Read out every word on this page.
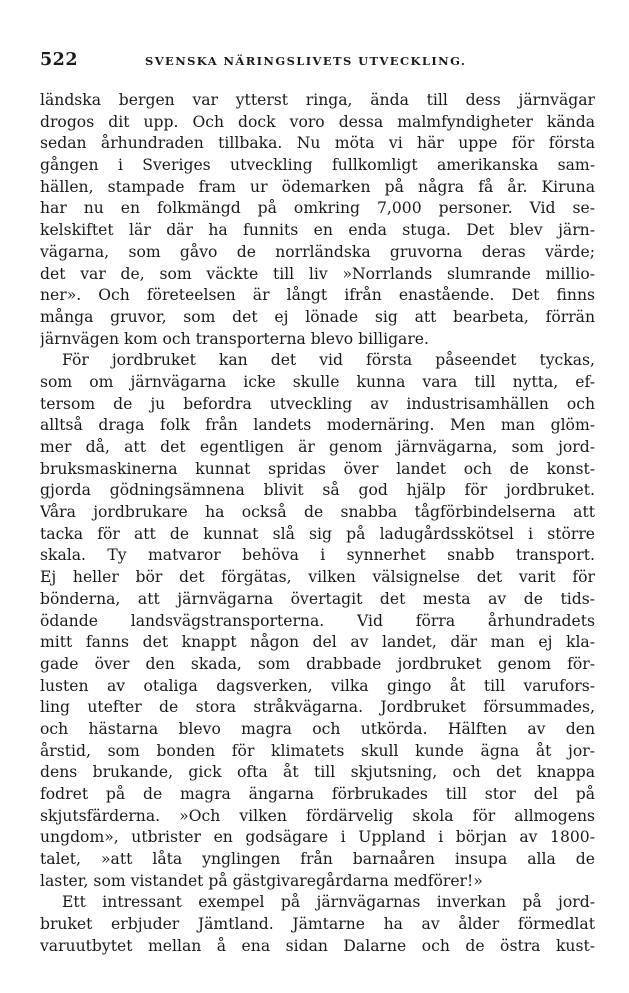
522	SVENSKA NÄRINGSLIVETS UTVECKLING.
ländska bergen var ytterst ringa, ända till dess järnvägar
drogos dit upp. Och dock voro dessa malmfyndigheter kända
sedan århundraden tillbaka. Nu möta vi här uppe för första
gången i Sveriges utveckling fullkomligt amerikanska sam-
hällen, stampade fram ur ödemarken på några få år. Kiruna
har nu en folkmängd på omkring 7,000 personer. Vid se-
kelskiftet lär där ha funnits en enda stuga. Det blev järn-
vägarna, som gåvo de norrländska gruvorna deras värde;
det var de, som väckte till liv »Norrlands slumrande millio-
ner». Och företeelsen är långt ifrån enastående. Det finns
många gruvor, som det ej lönade sig att bearbeta, förrän
järnvägen kom och transporterna blevo billigare.
För jordbruket kan det vid första påseendet tyckas,
som om järnvägarna icke skulle kunna vara till nytta, ef-
tersom de ju befordra utveckling av industrisamhällen och
alltså draga folk från landets modernäring. Men man glöm-
mer då, att det egentligen är genom järnvägarna, som jord-
bruksmaskinerna kunnat spridas över landet och de konst-
gjorda gödningsämnena blivit så god hjälp för jordbruket.
Våra jordbrukare ha också de snabba tågförbindelserna att
tacka för att de kunnat slå sig på ladugårdsskötsel i större
skala. Ty matvaror behöva i synnerhet snabb transport.
Ej heller bör det förgätas, vilken välsignelse det varit för
bönderna, att järnvägarna övertagit det mesta av de tids-
ödande landsvägstransporterna. Vid förra århundradets
mitt fanns det knappt någon del av landet, där man ej kla-
gade över den skada, som drabbade jordbruket genom för-
lusten av otaliga dagsverken, vilka gingo åt till varufors-
ling utefter de stora stråkvägarna. Jordbruket försummades,
och hästarna blevo magra och utkörda. Hälften av den
årstid, som bonden för klimatets skull kunde ägna åt jor-
dens brukande, gick ofta åt till skjutsning, och det knappa
fodret på de magra ängarna förbrukades till stor del på
skjutsfärderna. »Och vilken fördärvelig skola för allmogens
ungdom», utbrister en godsägare i Uppland i början av 1800-
talet, »att låta ynglingen från barnaåren insupa alla de
laster, som vistandet på gästgivaregårdarna medförer!»
Ett intressant exempel på järnvägarnas inverkan på jord-
bruket erbjuder Jämtland. Jämtarne ha av ålder förmedlat
varuutbytet mellan å ena sidan Dalarne och de östra kust-
